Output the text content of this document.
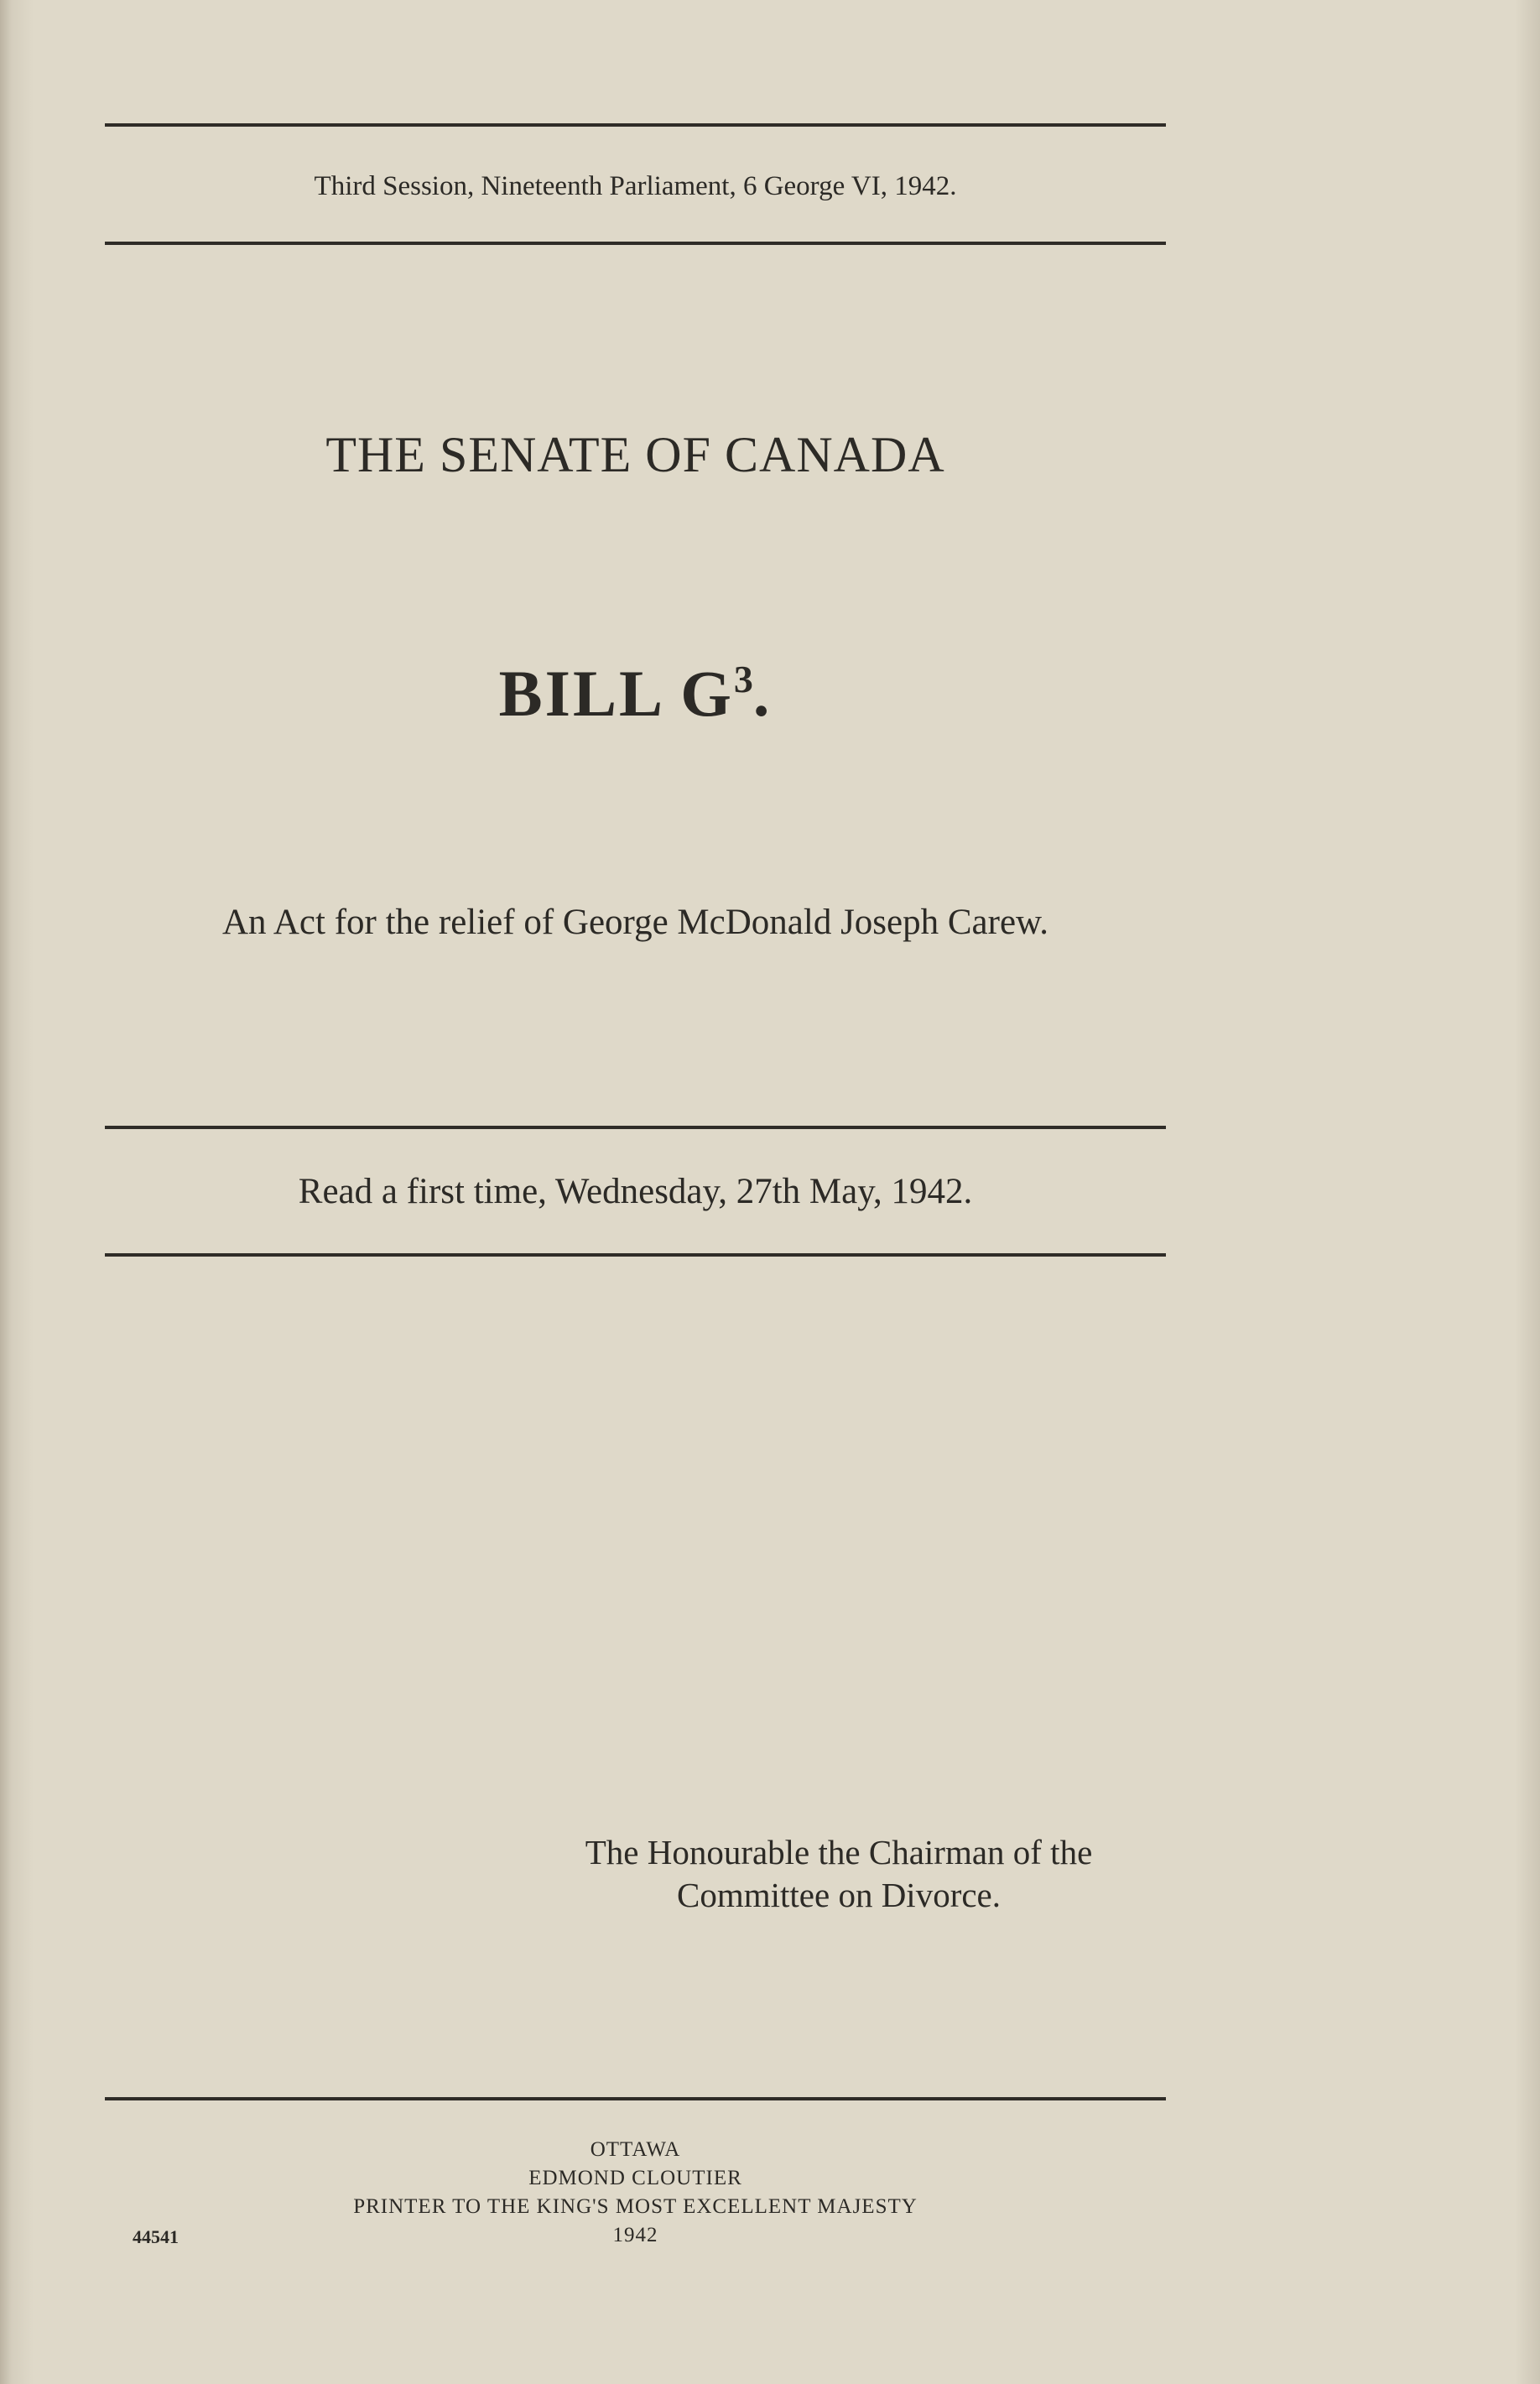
Third Session, Nineteenth Parliament, 6 George VI, 1942.
THE SENATE OF CANADA
BILL $G^3$.
An Act for the relief of George McDonald Joseph Carew.
Read a first time, Wednesday, 27th May, 1942.
The Honourable the Chairman of the
Committee on Divorce.
OTTAWA
EDMOND CLOUTIER
PRINTER TO THE KING'S MOST EXCELLENT MAJESTY
1942
44541
